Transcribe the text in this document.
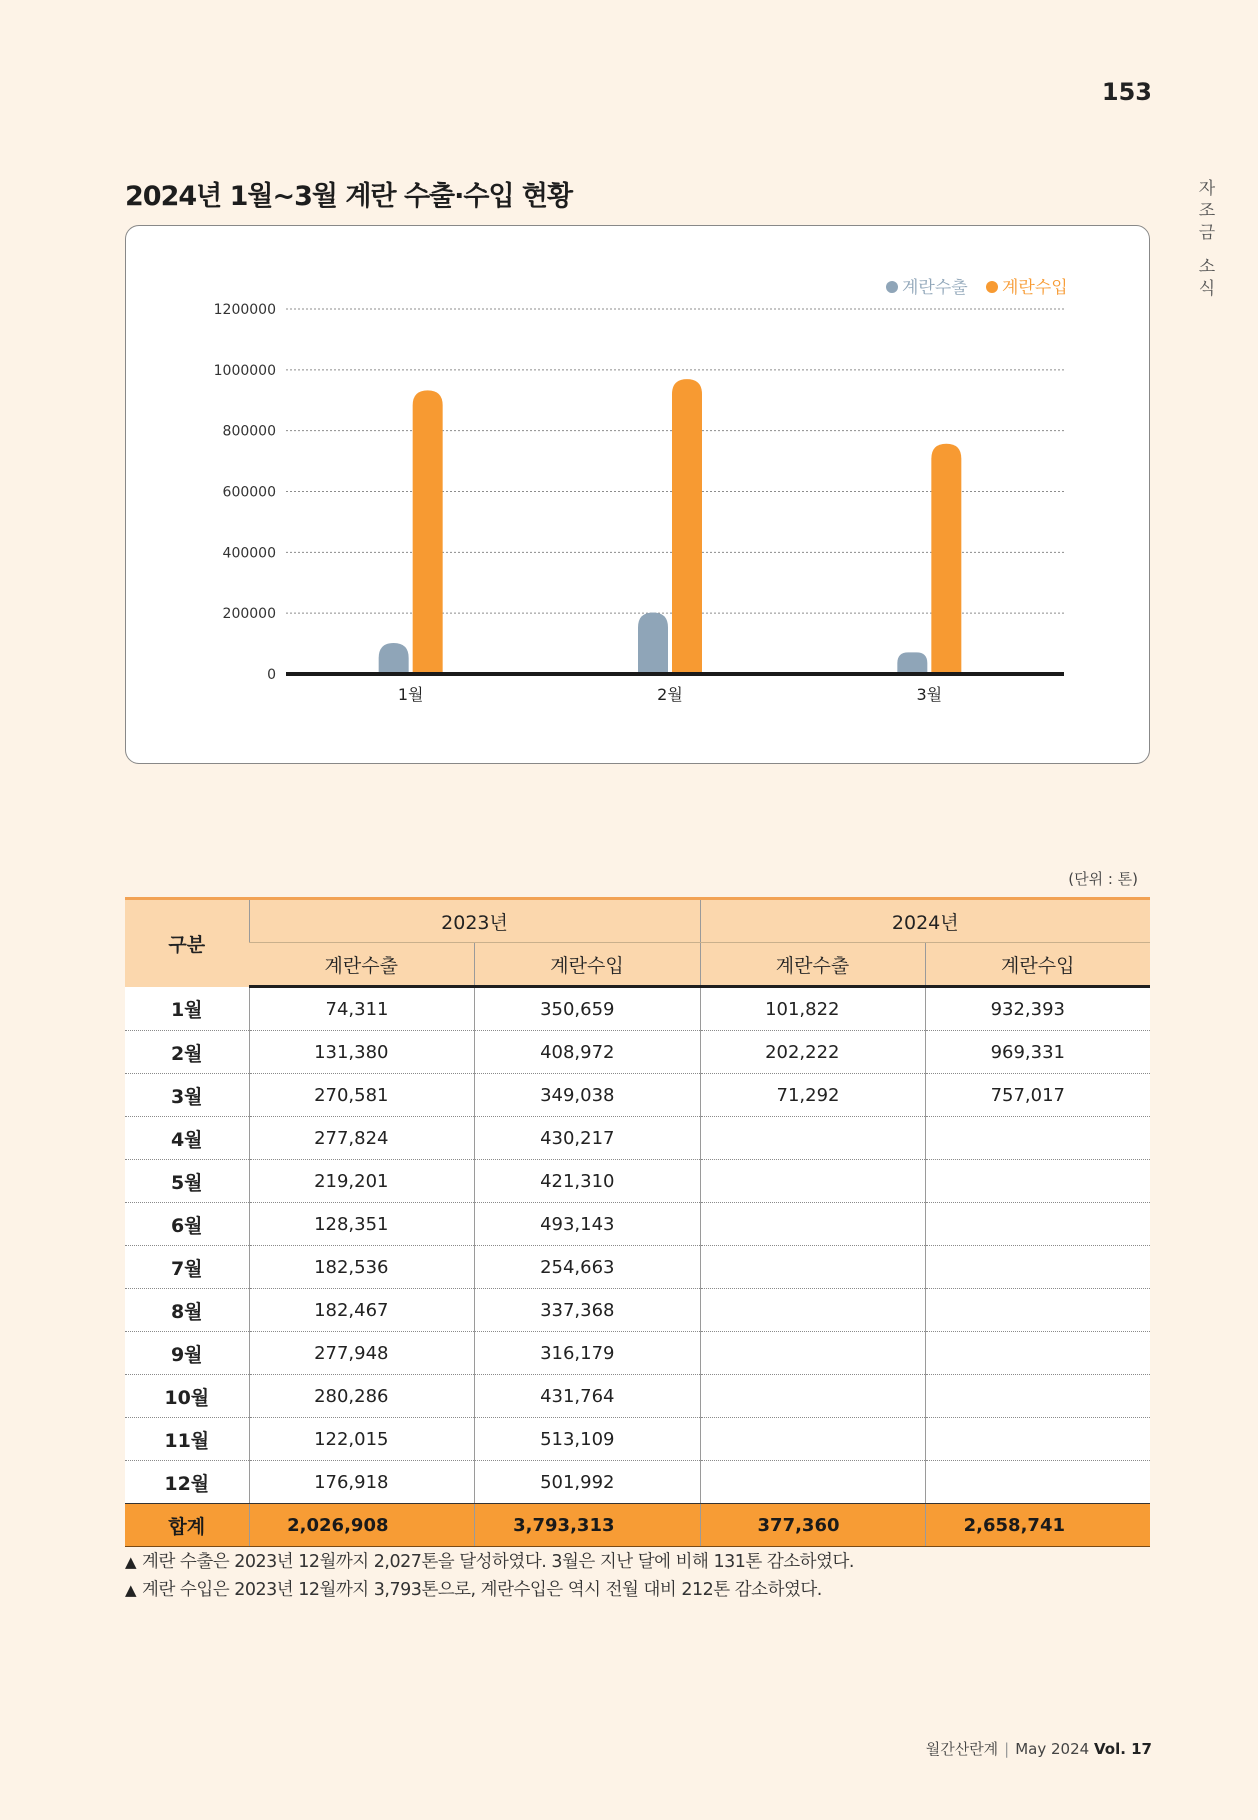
153
자
조
금
소
식
2024년 1월~3월 계란 수출·수입 현황
0
200000
400000
600000
800000
1000000
1200000
1월	2월	3월
계란수출 계란수입
(단위 : 톤)
구분	2023년		2024년	
	계란수출	계란수입	계란수출	계란수입
1월	74,311	350,659	101,822	932,393
2월	131,380	408,972	202,222	969,331
3월	270,581	349,038	71,292	757,017
4월	277,824	430,217		
5월	219,201	421,310		
6월	128,351	493,143		
7월	182,536	254,663		
8월	182,467	337,368		
9월	277,948	316,179		
10월	280,286	431,764		
11월	122,015	513,109		
12월	176,918	501,992		
합계	2,026,908	3,793,313	377,360	2,658,741
▲ 계란 수출은 2023년 12월까지 2,027톤을 달성하였다. 3월은 지난 달에 비해 131톤 감소하였다.
▲ 계란 수입은 2023년 12월까지 3,793톤으로, 계란수입은 역시 전월 대비 212톤 감소하였다.
월간산란계 | May 2024 Vol. 17
